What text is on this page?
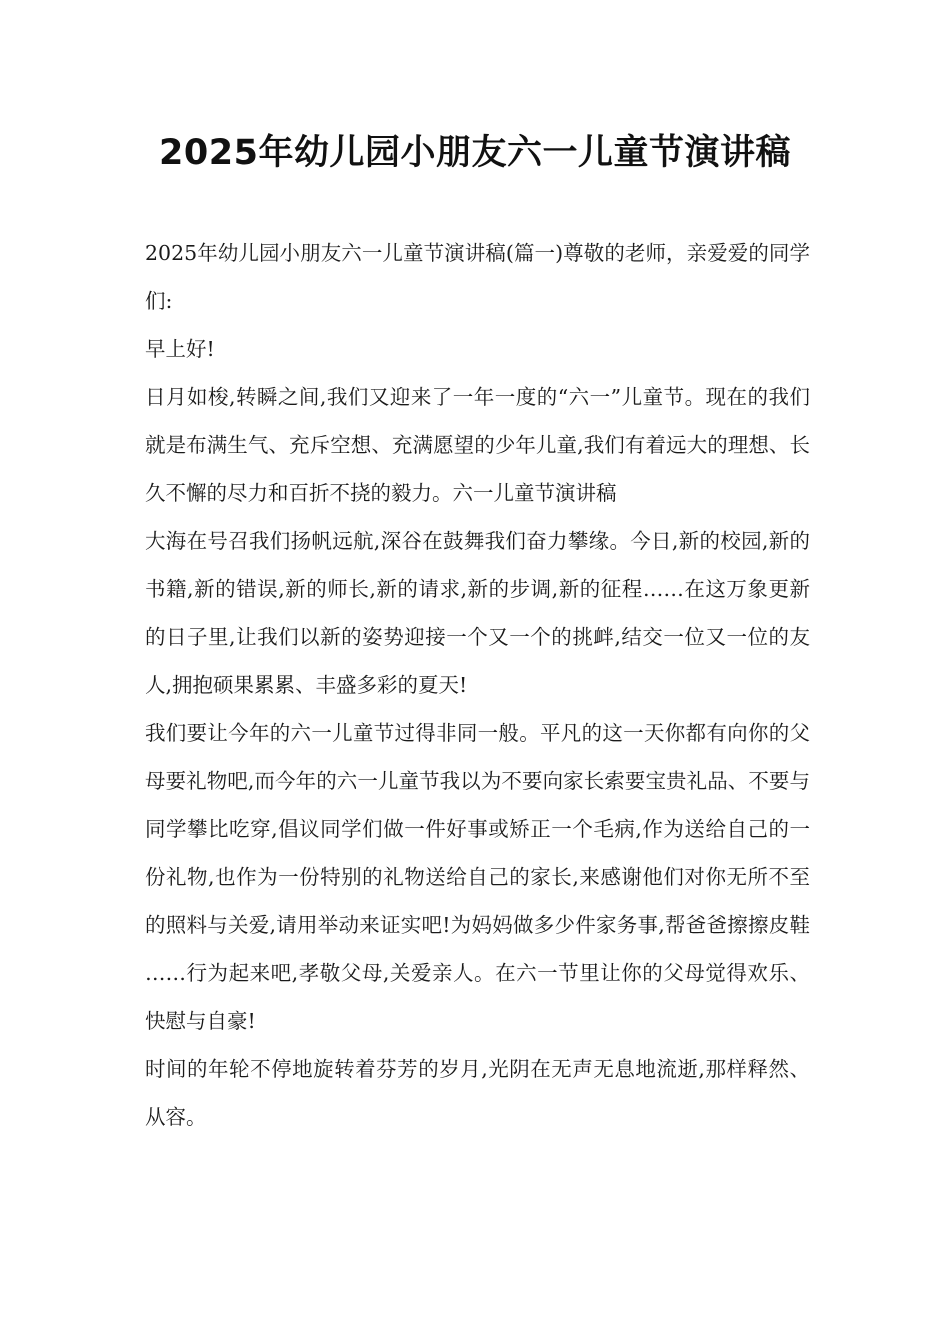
2025年幼儿园小朋友六一儿童节演讲稿

2025年幼儿园小朋友六一儿童节演讲稿(篇一)尊敬的老师，亲爱爱的同学们:

早上好!

日月如梭,转瞬之间,我们又迎来了一年一度的“六一”儿童节。现在的我们就是布满生气、充斥空想、充满愿望的少年儿童,我们有着远大的理想、长久不懈的尽力和百折不挠的毅力。六一儿童节演讲稿

大海在号召我们扬帆远航,深谷在鼓舞我们奋力攀缘。今日,新的校园,新的书籍,新的错误,新的师长,新的请求,新的步调,新的征程……在这万象更新的日子里,让我们以新的姿势迎接一个又一个的挑衅,结交一位又一位的友人,拥抱硕果累累、丰盛多彩的夏天!

我们要让今年的六一儿童节过得非同一般。平凡的这一天你都有向你的父母要礼物吧,而今年的六一儿童节我以为不要向家长索要宝贵礼品、不要与同学攀比吃穿,倡议同学们做一件好事或矫正一个毛病,作为送给自己的一份礼物,也作为一份特别的礼物送给自己的家长,来感谢他们对你无所不至的照料与关爱,请用举动来证实吧!为妈妈做多少件家务事,帮爸爸擦擦皮鞋……行为起来吧,孝敬父母,关爱亲人。在六一节里让你的父母觉得欢乐、快慰与自豪!

时间的年轮不停地旋转着芬芳的岁月,光阴在无声无息地流逝,那样释然、从容。
